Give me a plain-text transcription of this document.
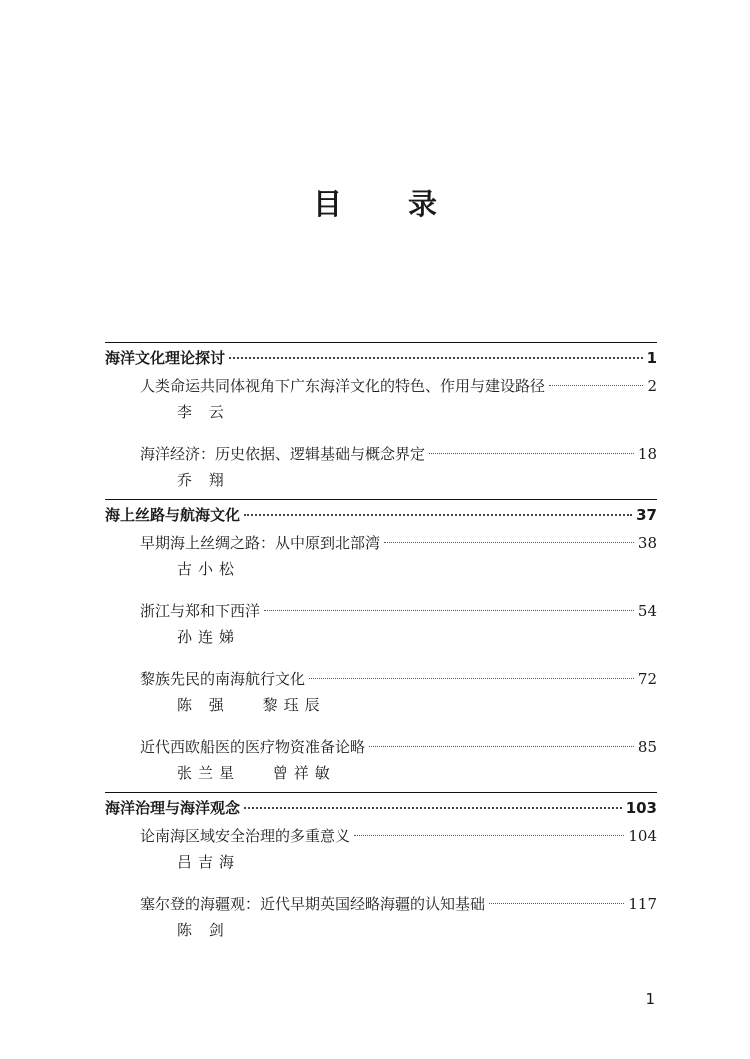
目 录
海洋文化理论探讨	1
人类命运共同体视角下广东海洋文化的特色、作用与建设路径	2
李 云
海洋经济：历史依据、逻辑基础与概念界定	18
乔 翔
海上丝路与航海文化	37
早期海上丝绸之路：从中原到北部湾	38
古小松
浙江与郑和下西洋	54
孙连娣
黎族先民的南海航行文化	72
陈 强 黎珏辰
近代西欧船医的医疗物资准备论略	85
张兰星 曾祥敏
海洋治理与海洋观念	103
论南海区域安全治理的多重意义	104
吕吉海
塞尔登的海疆观：近代早期英国经略海疆的认知基础	117
陈 剑
1
